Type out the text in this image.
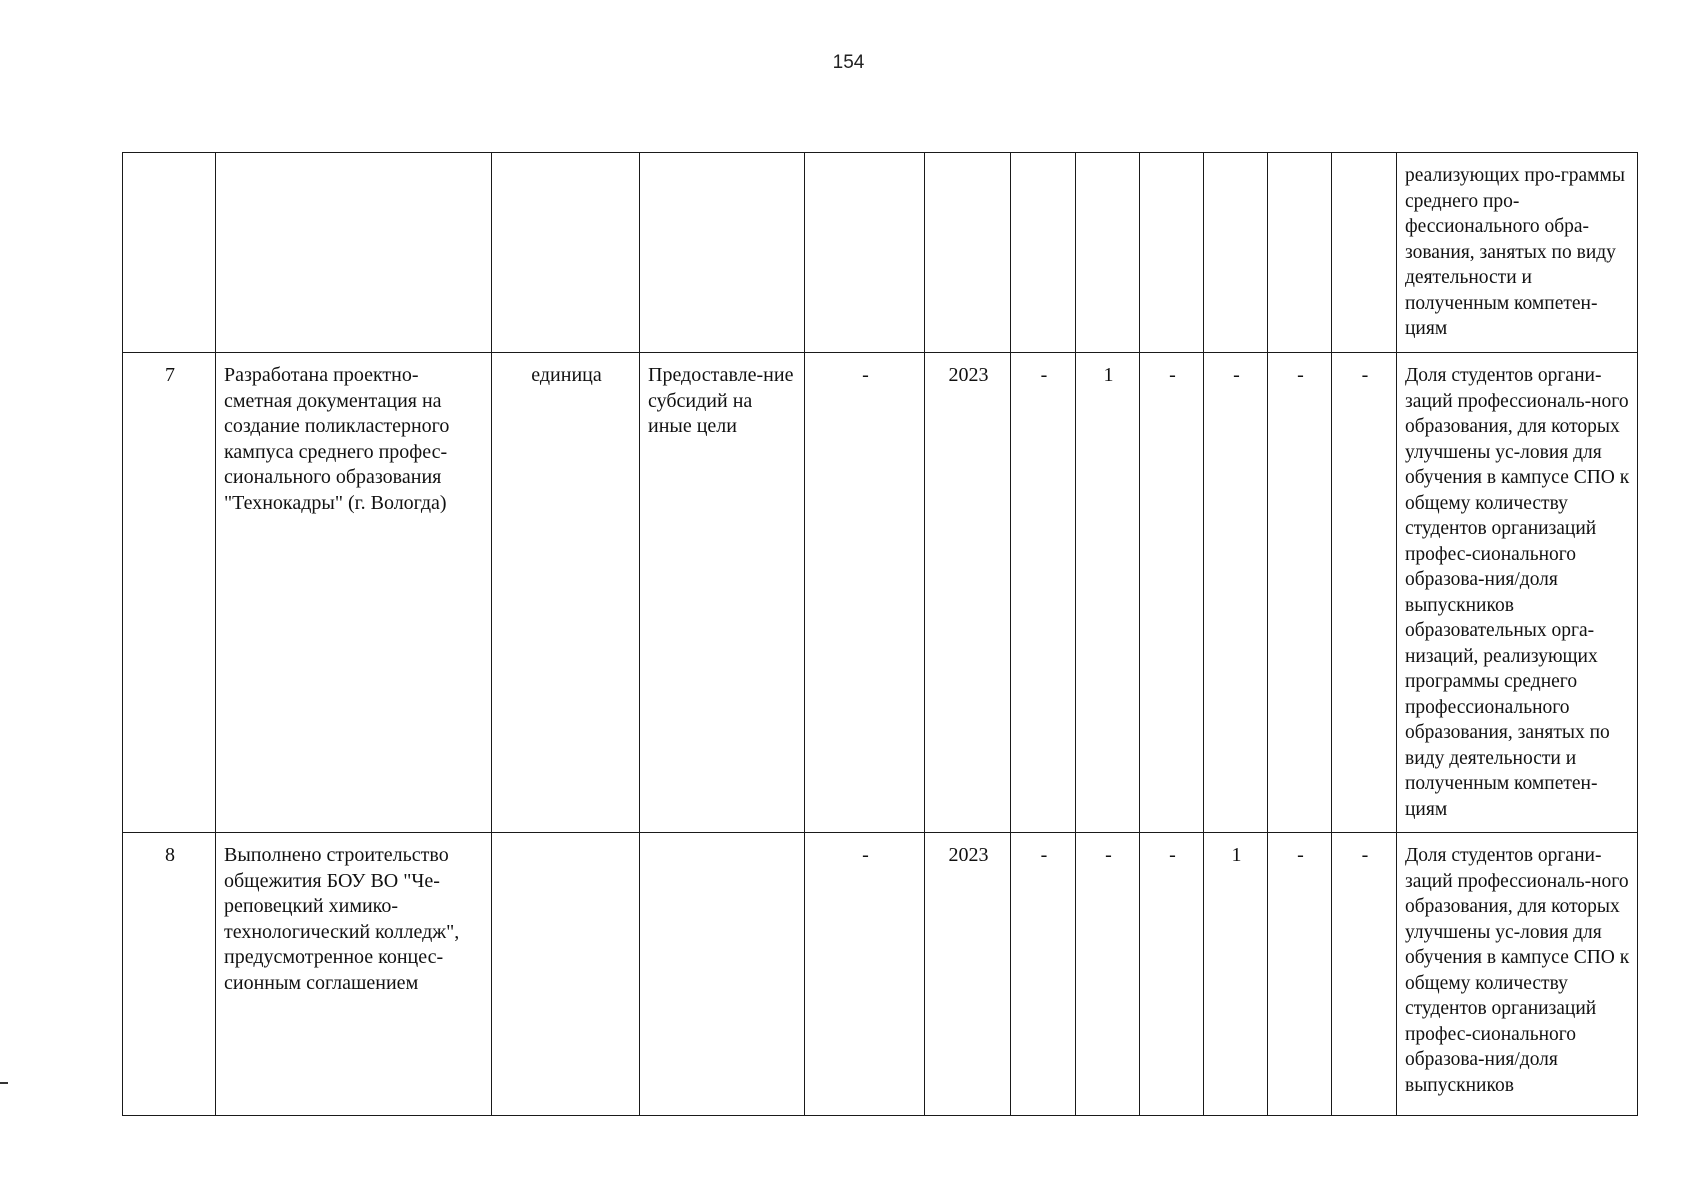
154
												реализующих про-граммы среднего про-фессионального обра-зования, занятых по виду деятельности и полученным компетен-циям
7	Разработана проектно-сметная документация на создание поликластерного кампуса среднего профес-сионального образования "Технокадры" (г. Вологда)	единица	Предоставле-ние субсидий на иные цели	-	2023	-	1	-	-	-	-	Доля студентов органи-заций профессиональ-ного образования, для которых улучшены ус-ловия для обучения в кампусе СПО к общему количеству студентов организаций профес-сионального образова-ния/доля выпускников образовательных орга-низаций, реализующих программы среднего профессионального образования, занятых по виду деятельности и полученным компетен-циям
8	Выполнено строительство общежития БОУ ВО "Че-реповецкий химико-технологический колледж", предусмотренное концес-сионным соглашением			-	2023	-	-	-	1	-	-	Доля студентов органи-заций профессиональ-ного образования, для которых улучшены ус-ловия для обучения в кампусе СПО к общему количеству студентов организаций профес-сионального образова-ния/доля выпускников
